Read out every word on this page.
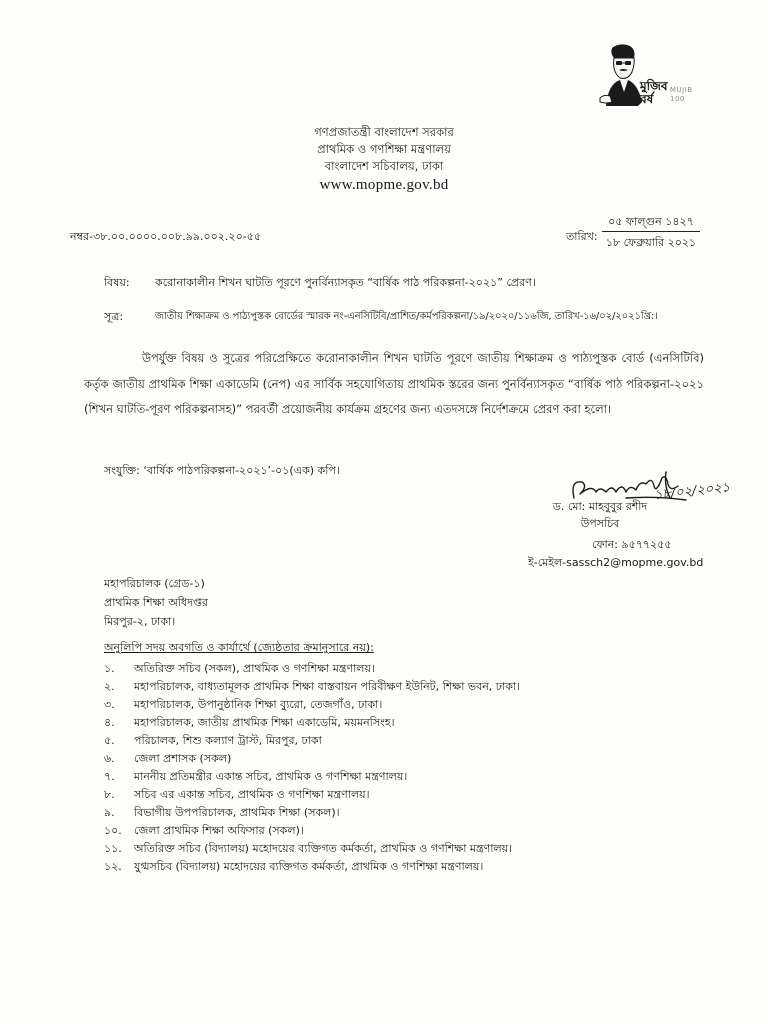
মুজিব বর্ষ
MUJIB 100
গণপ্রজাতন্ত্রী বাংলাদেশ সরকার
প্রাথমিক ও গণশিক্ষা মন্ত্রণালয়
বাংলাদেশ সচিবালয়, ঢাকা
www.mopme.gov.bd
নম্বর-৩৮.০০.০০০০.০০৮.৯৯.০০২.২০-৫৫	তারিখ:
০৫ ফাল্গুন ১৪২৭
১৮ ফেব্রুয়ারি ২০২১
বিষয়: করোনাকালীন শিখন ঘাটতি পূরণে পুনর্বিন্যাসকৃত “বার্ষিক পাঠ পরিকল্পনা-২০২১” প্রেরণ।
সূত্র:	জাতীয় শিক্ষাক্রম ও পাঠ্যপুস্তক বোর্ডের স্মারক নং-এনসিটিবি/প্রাশিত/কর্মপরিকল্পনা/১৯/২০২০/১১৬জি, তারিখ-১৬/০২/২০২১খ্রি:।

উপর্যুক্ত বিষয় ও সূত্রের পরিপ্রেক্ষিতে করোনাকালীন শিখন ঘাটতি পূরণে জাতীয় শিক্ষাক্রম ও পাঠ্যপুস্তক বোর্ড (এনসিটিবি) কর্তৃক জাতীয় প্রাথমিক শিক্ষা একাডেমি (নেপ) এর সার্বিক সহযোগিতায় প্রাথমিক স্তরের জন্য পুনর্বিন্যাসকৃত “বার্ষিক পাঠ পরিকল্পনা-২০২১ (শিখন ঘাটতি-পূরণ পরিকল্পনাসহ)” পরবর্তী প্রয়োজনীয় কার্যক্রম গ্রহণের জন্য এতদসঙ্গে নির্দেশক্রমে প্রেরণ করা হলো।

সংযুক্তি: ‘বার্ষিক পাঠপরিকল্পনা-২০২১’-০১(এক) কপি।
১৮/০২/২০২১
ড. মো: মাহবুবুর রশীদ
উপসচিব
ফোন: ৯৫৭৭২৫৫
ই-মেইল-sassch2@mopme.gov.bd
মহাপরিচালক (গ্রেড-১)
প্রাথমিক শিক্ষা অধিদপ্তর
মিরপুর-২, ঢাকা।
অনুলিপি সদয় অবগতি ও কার্যার্থে (জ্যেষ্ঠতার ক্রমানুসারে নয়):
১. অতিরিক্ত সচিব (সকল), প্রাথমিক ও গণশিক্ষা মন্ত্রণালয়।
২. মহাপরিচালক, বাধ্যতামূলক প্রাথমিক শিক্ষা বাস্তবায়ন পরিবীক্ষণ ইউনিট, শিক্ষা ভবন, ঢাকা।
৩. মহাপরিচালক, উপানুষ্ঠানিক শিক্ষা ব্যুরো, তেজগাঁও, ঢাকা।
৪. মহাপরিচালক, জাতীয় প্রাথমিক শিক্ষা একাডেমি, ময়মনসিংহ।
৫. পরিচালক, শিশু কল্যাণ ট্রাস্ট, মিরপুর, ঢাকা
৬. জেলা প্রশাসক (সকল)
৭. মাননীয় প্রতিমন্ত্রীর একান্ত সচিব, প্রাথমিক ও গণশিক্ষা মন্ত্রণালয়।
৮. সচিব এর একান্ত সচিব, প্রাথমিক ও গণশিক্ষা মন্ত্রণালয়।
৯. বিভাগীয় উপপরিচালক, প্রাথমিক শিক্ষা (সকল)।
১০. জেলা প্রাথমিক শিক্ষা অফিসার (সকল)।
১১. অতিরিক্ত সচিব (বিদ্যালয়) মহোদয়ের ব্যক্তিগত কর্মকর্তা, প্রাথমিক ও গণশিক্ষা মন্ত্রণালয়।
১২. যুগ্মসচিব (বিদ্যালয়) মহোদয়ের ব্যক্তিগত কর্মকর্তা, প্রাথমিক ও গণশিক্ষা মন্ত্রণালয়।
